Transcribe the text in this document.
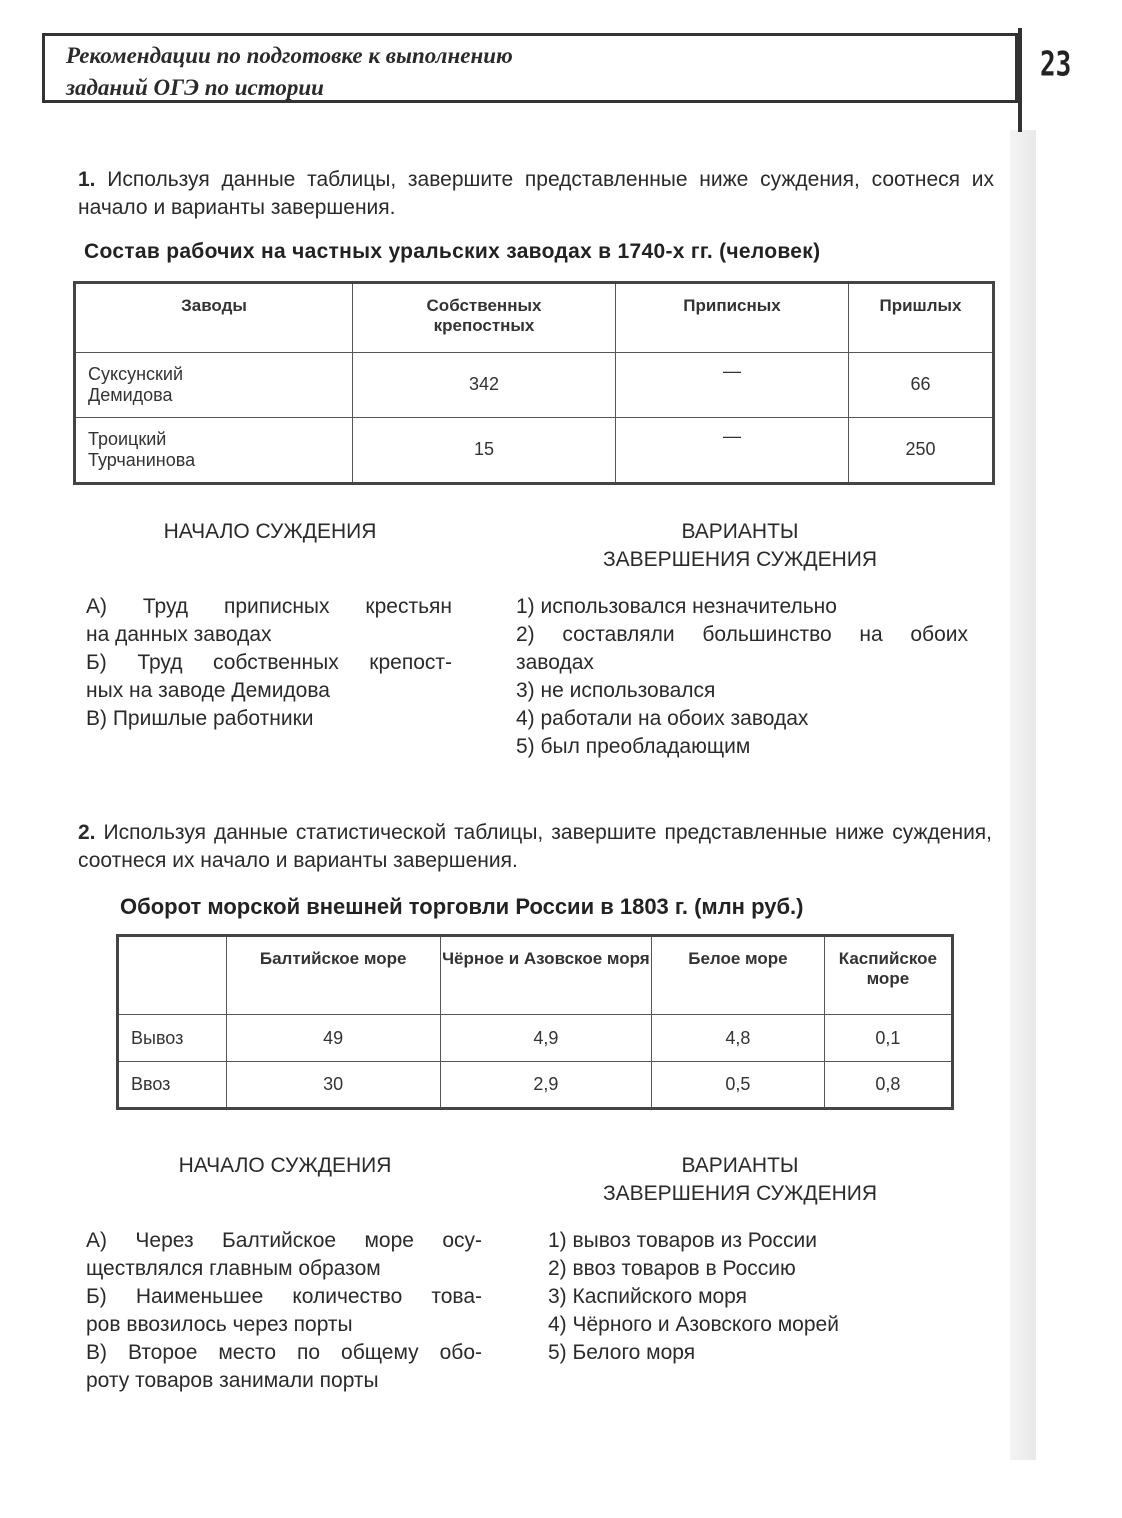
Рекомендации по подготовке к выполнению
заданий ОГЭ по истории
23
1. Используя данные таблицы, завершите представленные ниже суждения, соотнеся их начало и варианты завершения.
Состав рабочих на частных уральских заводах в 1740-х гг. (человек)
Заводы	Собственных крепостных	Приписных	Пришлых
Суксунский Демидова	342	—	66
Троицкий Турчанинова	15	—	250
НАЧАЛО СУЖДЕНИЯ	ВАРИАНТЫ
ЗАВЕРШЕНИЯ СУЖДЕНИЯ
А) Труд приписных крестьян
на данных заводах
Б) Труд собственных крепост-
ных на заводе Демидова
В) Пришлые работники
1) использовался незначительно
2) составляли большинство на обоих
заводах
3) не использовался
4) работали на обоих заводах
5) был преобладающим
2. Используя данные статистической таблицы, завершите представленные ниже суждения, соотнеся их начало и варианты завершения.
Оборот морской внешней торговли России в 1803 г. (млн руб.)
	Балтийское море	Чёрное и Азовское моря	Белое море	Каспийское море
Вывоз	49	4,9	4,8	0,1
Ввоз	30	2,9	0,5	0,8
НАЧАЛО СУЖДЕНИЯ	ВАРИАНТЫ
ЗАВЕРШЕНИЯ СУЖДЕНИЯ
А) Через Балтийское море осу-
ществлялся главным образом
Б) Наименьшее количество това-
ров ввозилось через порты
В) Второе место по общему обо-
роту товаров занимали порты
1) вывоз товаров из России
2) ввоз товаров в Россию
3) Каспийского моря
4) Чёрного и Азовского морей
5) Белого моря
